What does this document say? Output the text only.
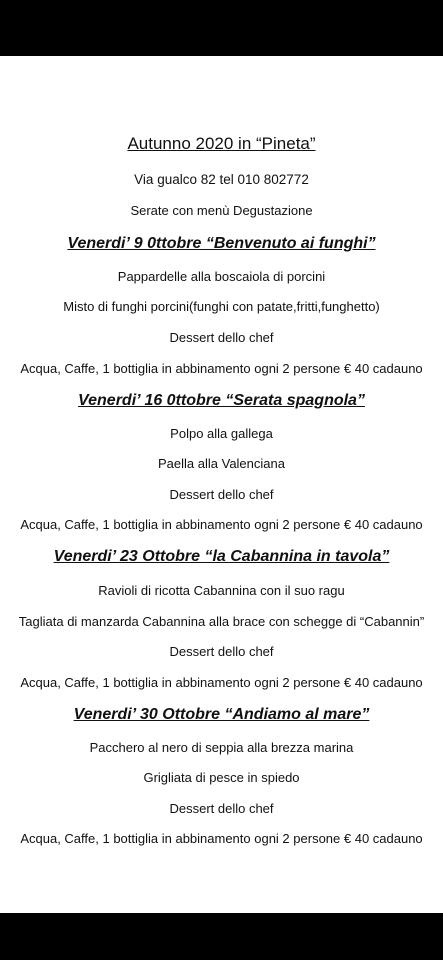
Autunno 2020 in “Pineta”
Via gualco 82 tel 010 802772
Serate con menù Degustazione
Venerdi’ 9 0ttobre “Benvenuto ai funghi”
Pappardelle alla boscaiola di porcini
Misto di funghi porcini(funghi con patate,fritti,funghetto)
Dessert dello chef
Acqua, Caffe, 1 bottiglia in abbinamento ogni 2 persone € 40 cadauno
Venerdi’ 16 0ttobre “Serata spagnola”
Polpo alla gallega
Paella alla Valenciana
Dessert dello chef
Acqua, Caffe, 1 bottiglia in abbinamento ogni 2 persone € 40 cadauno
Venerdi’ 23 Ottobre “la Cabannina in tavola”
Ravioli di ricotta Cabannina con il suo ragu
Tagliata di manzarda Cabannina alla brace con schegge di “Cabannin”
Dessert dello chef
Acqua, Caffe, 1 bottiglia in abbinamento ogni 2 persone € 40 cadauno
Venerdi’ 30 Ottobre “Andiamo al mare”
Pacchero al nero di seppia alla brezza marina
Grigliata di pesce in spiedo
Dessert dello chef
Acqua, Caffe, 1 bottiglia in abbinamento ogni 2 persone € 40 cadauno
